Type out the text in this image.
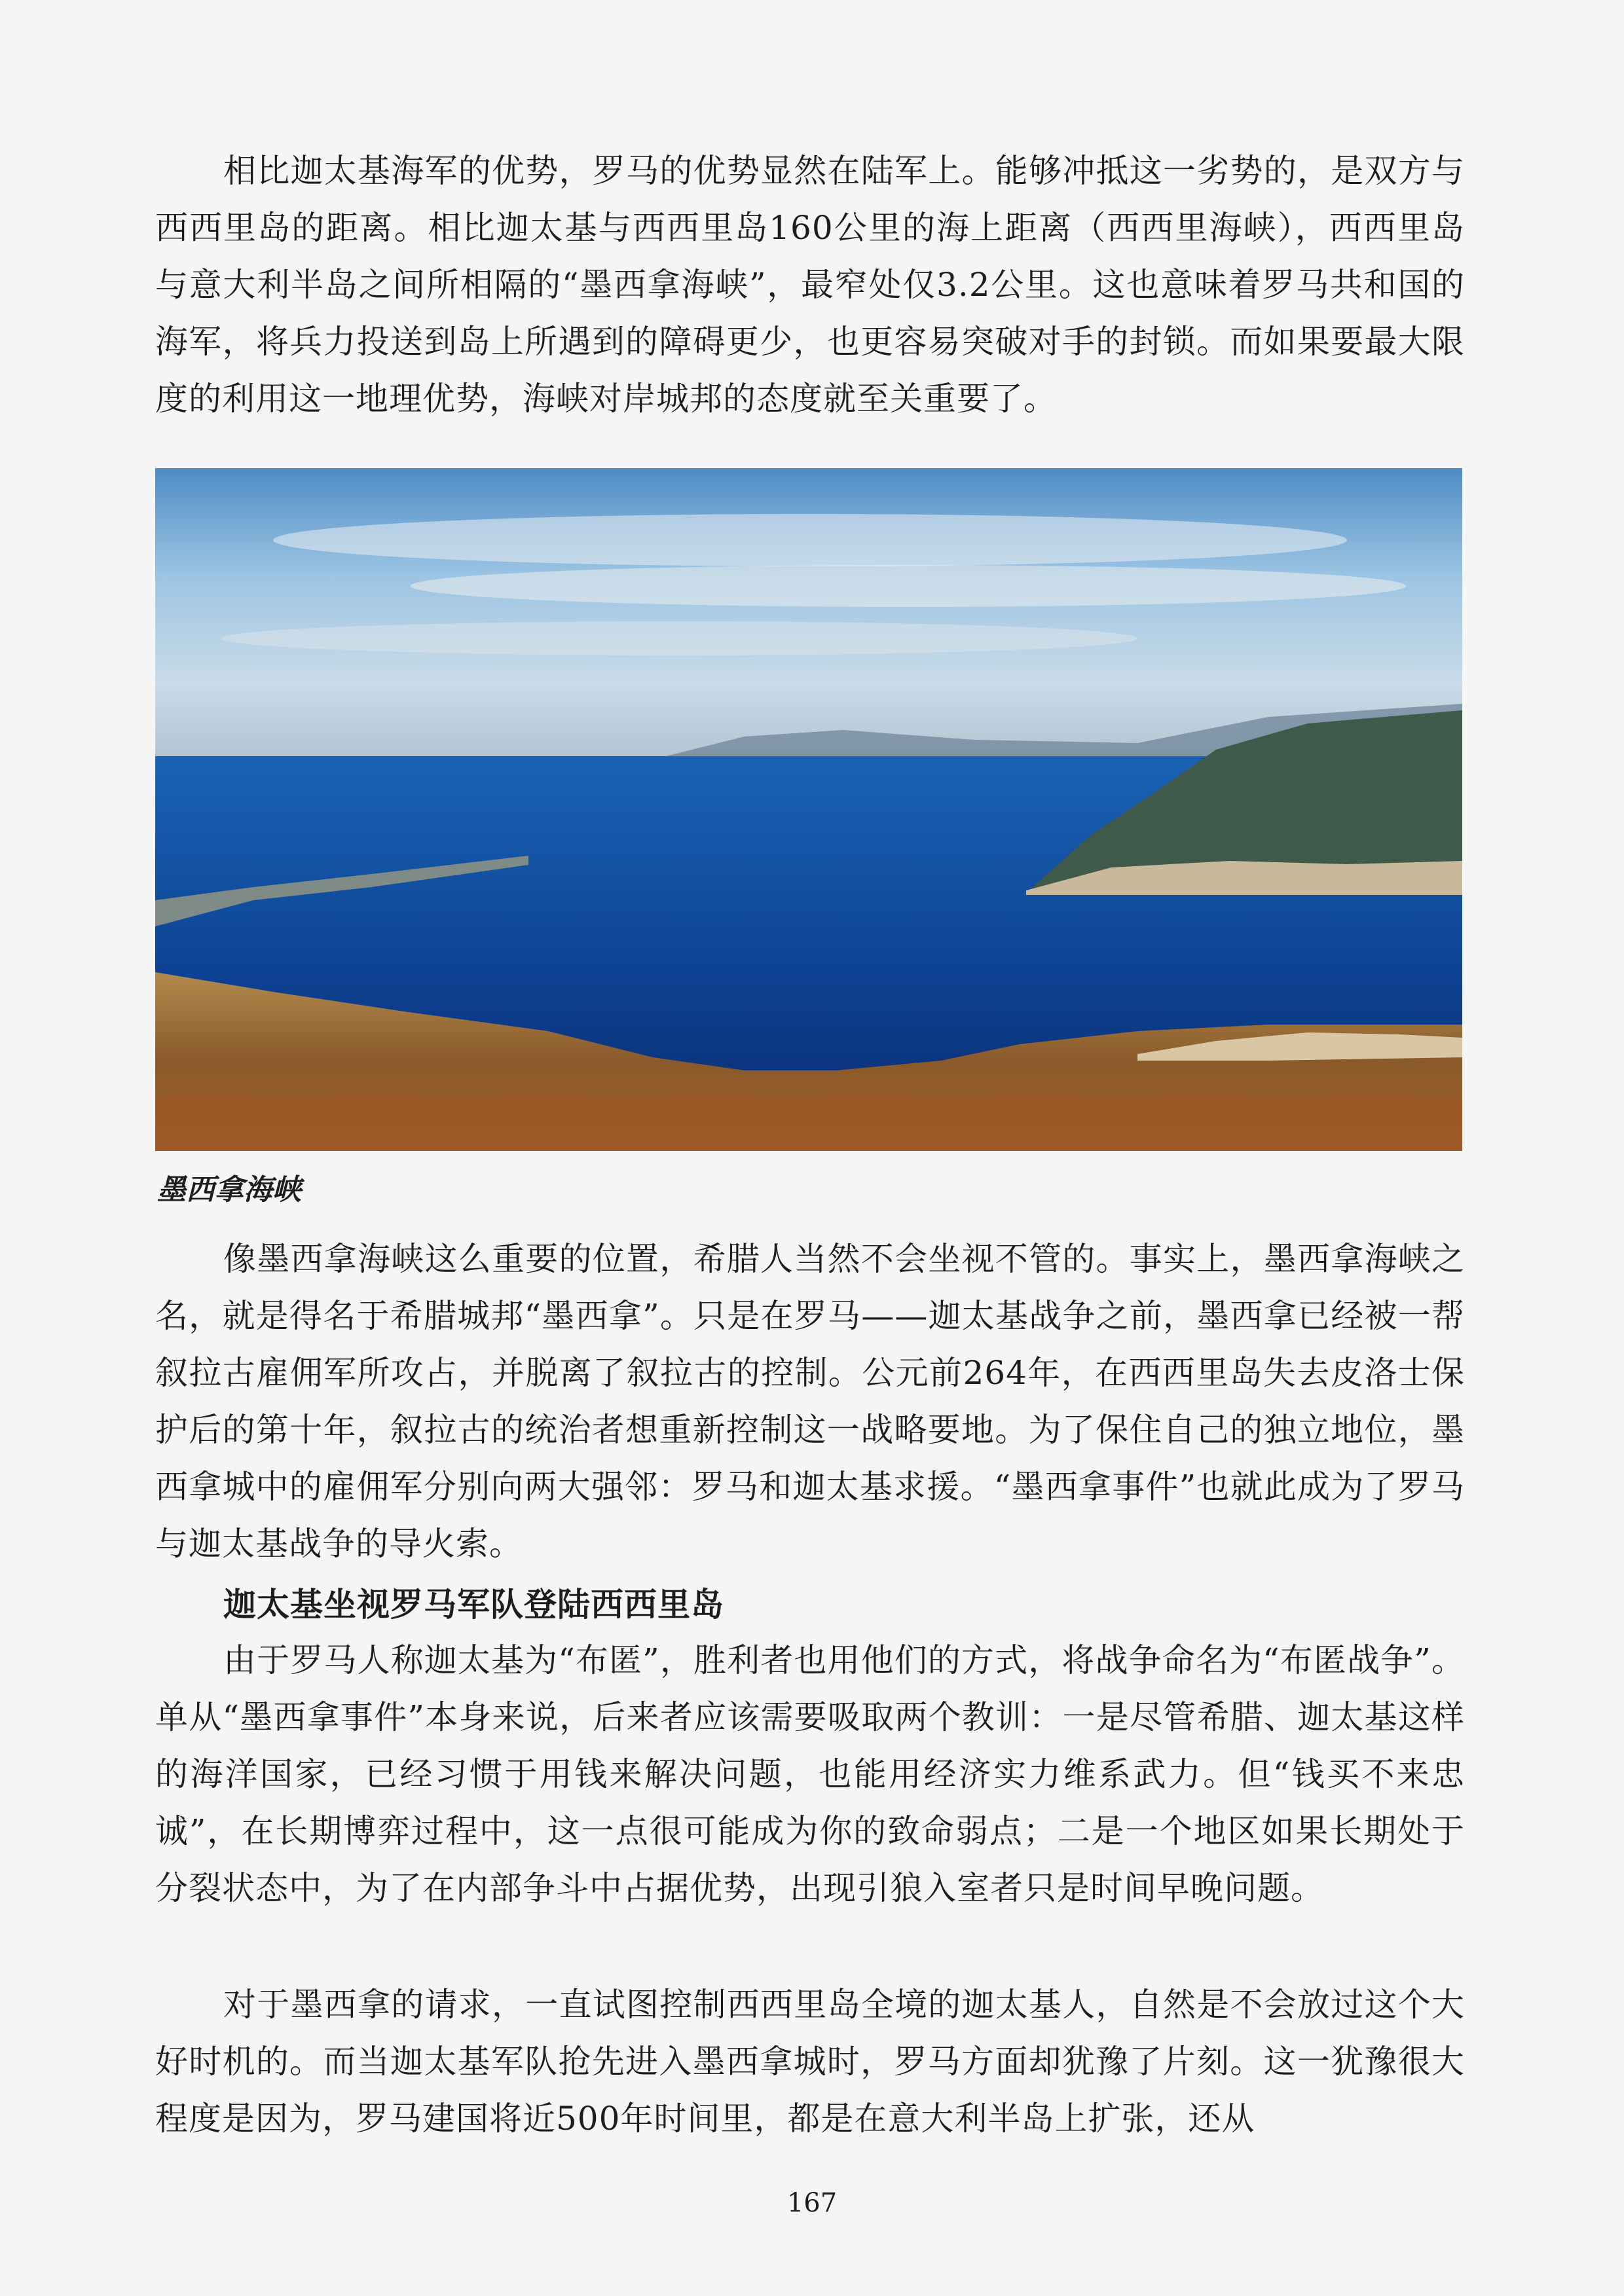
相比迦太基海军的优势，罗马的优势显然在陆军上。能够冲抵这一劣势的，是双方与西西里岛的距离。相比迦太基与西西里岛160公里的海上距离（西西里海峡），西西里岛与意大利半岛之间所相隔的“墨西拿海峡”，最窄处仅3.2公里。这也意味着罗马共和国的海军，将兵力投送到岛上所遇到的障碍更少，也更容易突破对手的封锁。而如果要最大限度的利用这一地理优势，海峡对岸城邦的态度就至关重要了。

墨西拿海峡

像墨西拿海峡这么重要的位置，希腊人当然不会坐视不管的。事实上，墨西拿海峡之名，就是得名于希腊城邦“墨西拿”。只是在罗马——迦太基战争之前，墨西拿已经被一帮叙拉古雇佣军所攻占，并脱离了叙拉古的控制。公元前264年，在西西里岛失去皮洛士保护后的第十年，叙拉古的统治者想重新控制这一战略要地。为了保住自己的独立地位，墨西拿城中的雇佣军分别向两大强邻：罗马和迦太基求援。“墨西拿事件”也就此成为了罗马与迦太基战争的导火索。

迦太基坐视罗马军队登陆西西里岛

由于罗马人称迦太基为“布匿”，胜利者也用他们的方式，将战争命名为“布匿战争”。单从“墨西拿事件”本身来说，后来者应该需要吸取两个教训：一是尽管希腊、迦太基这样的海洋国家，已经习惯于用钱来解决问题，也能用经济实力维系武力。但“钱买不来忠诚”，在长期博弈过程中，这一点很可能成为你的致命弱点；二是一个地区如果长期处于分裂状态中，为了在内部争斗中占据优势，出现引狼入室者只是时间早晚问题。

对于墨西拿的请求，一直试图控制西西里岛全境的迦太基人，自然是不会放过这个大好时机的。而当迦太基军队抢先进入墨西拿城时，罗马方面却犹豫了片刻。这一犹豫很大程度是因为，罗马建国将近500年时间里，都是在意大利半岛上扩张，还从

167
